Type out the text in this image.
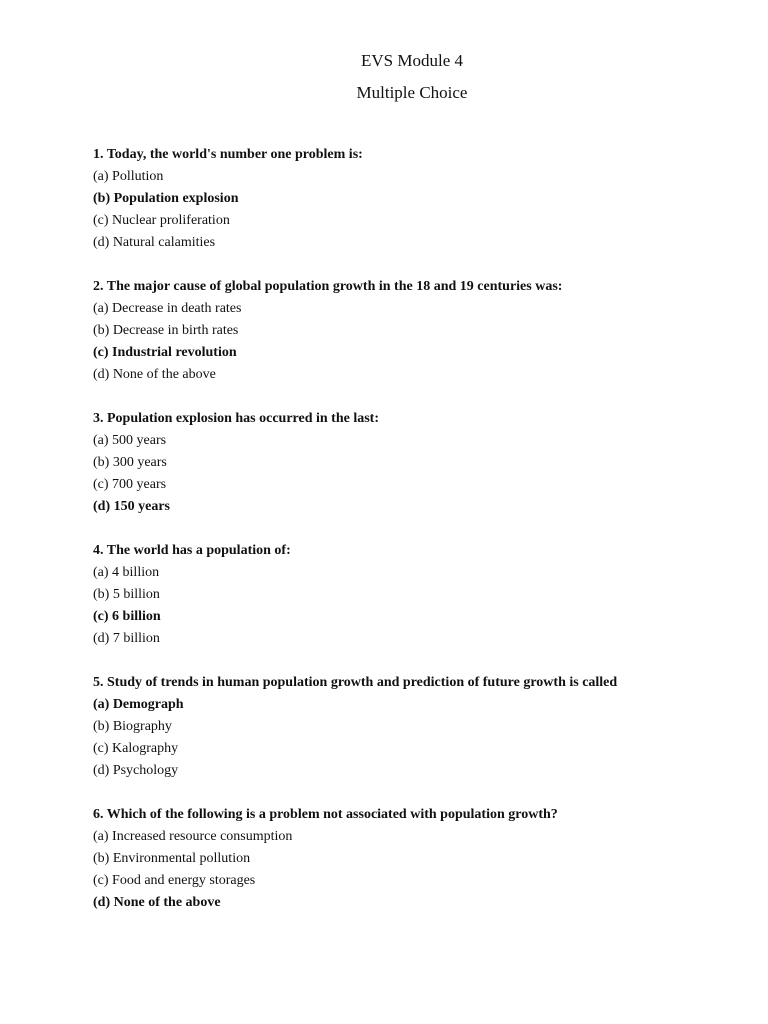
EVS Module 4
Multiple Choice

1. Today, the world's number one problem is:

(a) Pollution

(b) Population explosion

(c) Nuclear proliferation

(d) Natural calamities

2. The major cause of global population growth in the 18 and 19 centuries was:

(a) Decrease in death rates

(b) Decrease in birth rates

(c) Industrial revolution

(d) None of the above

3. Population explosion has occurred in the last:

(a) 500 years

(b) 300 years

(c) 700 years

(d) 150 years

4. The world has a population of:

(a) 4 billion

(b) 5 billion

(c) 6 billion

(d) 7 billion

5. Study of trends in human population growth and prediction of future growth is called

(a) Demograph

(b) Biography

(c) Kalography

(d) Psychology

6. Which of the following is a problem not associated with population growth?

(a) Increased resource consumption

(b) Environmental pollution

(c) Food and energy storages

(d) None of the above
